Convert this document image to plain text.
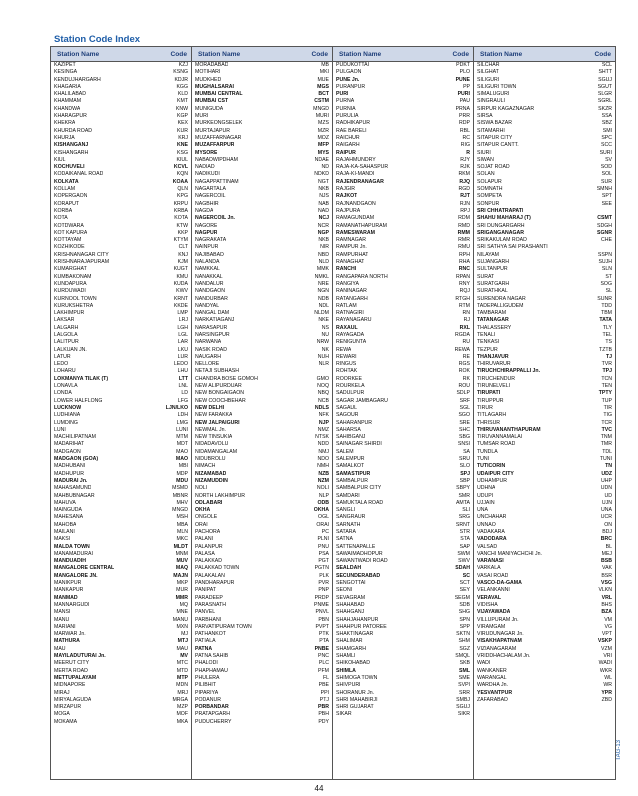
Station Code Index
Station Name	Code
KAZIPET	KZJ
KESINGA	KSNG
KENDUJHARGARH	KDJR
KHAGARIA	KGG
KHALILABAD	KLD
KHAMMAM	KMT
KHANDWA	KNW
KHARAGPUR	KGP
KHEKRA	KEX
KHURDA ROAD	KUR
KHURJA	KRJ
KISHANGANJ	KNE
KISHANGARH	KSG
KIUL	KIUL
KOCHUVELI	KCVL
KODAIKANAL ROAD	KQN
KOLKATA	KOAA
KOLLAM	QLN
KOPERGAON	KPG
KORAPUT	KRPU
KORBA	KRBA
KOTA	KOTA
KOTDWARA	KTW
KOT KAPURA	KKP
KOTTAYAM	KTYM
KOZHIKODE	CLT
KRISHNANAGAR CITY	KNJ
KRISHNARAJAPURAM	KJM
KUMARGHAT	KUGT
KUMBAKONAM	KMU
KUNDAPURA	KUDA
KURDUWADI	KWV
KURNOOL TOWN	KRNT
KURUKSHETRA	KKDE
LAKHIMPUR	LMP
LAKSAR	LRJ
LALGARH	LGH
LALGOLA	LGL
LALITPUR	LAR
LALKUAN JN.	LKU
LATUR	LUR
LEDO	LEDO
LOHARU	LHU
LOKMANYA TILAK (T)	LTT
LONAVLA	LNL
LONDA	LD
LOWER HALFLONG	LFG
LUCKNOW	LJN/LKO
LUDHIANA	LDH
LUMDING	LMG
LUNI	LUNI
MACHILIPATNAM	MTM
MADARIHAT	MDT
MADGAON	MAO
MADGAON (GOA)	MAO
MADHUBANI	MBI
MADHUPUR	MDP
MADURAI Jn.	MDU
MAHASAMUND	MSMD
MAHBUBNAGAR	MBNR
MAHUVA	MHV
MAINGUDA	MNGD
MAHESANA	MSH
MAHOBA	MBA
MAILANI	MLN
MAKSI	MKC
MALDA TOWN	MLDT
MANAMADURAI	MNM
MANDUADIH	MUV
MANGALORE CENTRAL	MAQ
MANGALORE JN.	MAJN
MANIKPUR	MKP
MANKAPUR	MUR
MANMAD	MMR
MANNARGUDI	MQ
MANSI	MNE
MANU	MANU
MARIANI	MXN
MARWAR Jn.	MJ
MATHURA	MTJ
MAU	MAU
MAYILADUTURAI Jn.	MV
MEERUT CITY	MTC
MERTA ROAD	MTD
METTUPALAYAM	MTP
MIDNAPORE	MDN
MIRAJ	MRJ
MIRYALAGUDA	MRGA
MIRZAPUR	MZP
MOGA	MOF
MOKAMA	MKA
Station Name	Code
MORADABAD	MB
MOTIHARI	MKI
MUDKHED	MUE
MUGHALSARAI	MGS
MUMBAI CENTRAL	BCT
MUMBAI CST	CSTM
MUNIGUDA	MNGD
MURI	MURI
MURKEONGSELEK	MZS
MURTAJAPUR	MZR
MUZAFFARNAGAR	MOZ
MUZAFFARPUR	MFP
MYSORE	MYS
NABADWIPDHAM	NDAE
NADIAD	ND
NADIKUDI	NDKD
NAGAPPATTINAM	NGT
NAGARTALA	NKB
NAGERCOIL	NJS
NAGBHIR	NAB
NAGDA	NAD
NAGERCOIL Jn.	NCJ
NAGORE	NCR
NAGPUR	NGP
NAGRAKATA	NKB
NAINPUR	NIR
NAJIBABAD	NBD
NALANDA	NLD
NAMKKAL	MMK
NANAKKAL	NMKL
NANDALUR	NRE
NANDGAON	NGN
NANDURBAR	NDB
NANDYAL	NDL
NANGAL DAM	NLDM
NARKATIAGANJ	NKE
NARASAPUR	NS
NARSINGPUR	NU
NARWANA	NRW
NASIK ROAD	NK
NAUGARH	NUH
NELLORE	NLR
NETAJI SUBHASH
CHANDRA BOSE GOMOH	GMO
NEW ALIPURDUAR	NOQ
NEW BONGAIGAON	NBQ
NEW COOCHBEHAR	NCB
NEW DELHI	NDLS
NEW FARAKKA	NFK
NEW JALPAIGURI	NJP
NEWMAL Jn.	NMZ
NEW TINSUKIA	NTSK
NIDADAVOLU	NDD
NIDAMANGALAM	NMJ
NIDUBROLU	NDO
NIMACH	NMH
NIZAMABAD	NZB
NIZAMUDDIN	NZM
NOLI	NOLI
NORTH LAKHIMPUR	NLP
ODLABARI	ODB
OKHA	OKHA
ONGOLE	OGL
ORAI	ORAI
PACHORA	PC
PALANI	PLNI
PALANPUR	PNU
PALASA	PSA
PALAKKAD	PGT
PALAKKAD TOWN	PGTN
PALAKALAN	PLK
PANDHARAPUR	PVR
PANIPAT	PNP
PARADEEP	PRDP
PARASNATH	PNME
PANVEL	PNVL
PARBHANI	PBN
PARVATIPURAM TOWN	PVPT
PATHANKOT	PTK
PATIALA	PTA
PATNA	PNBE
PATNA SAHIB	PNC
PHALODI	PLC
PHAPHAMAU	PFM
PHULERA	FL
PILIBHIT	PBE
PIPARIYA	PPI
PODANUR	PTJ
PORBANDAR	PBR
PRATAPGARH	PBH
PUDUCHERRY	PDY
Station Name	Code
PUDUKOTTAI	PDKT
PULGAON	PLO
PUNE Jn.	PUNE
PURANPUR	PP
PURI	PURI
PURNA	PAU
PURNIA	PRNA
PURULIA	PRR
RADHIKAPUR	RDP
RAE BARELI	RBL
RAICHUR	RC
RAIGARH	RIG
RAIPUR	R
RAJAHMUNDRY	RJY
RAJA-KA-SAHASPUR	RJK
RAJA-KI-MANDI	RKM
RAJENDRANAGAR	RJQ
RAJGIR	RGD
RAJKOT	RJT
RAJNANDGAON	RJN
RAJPURA	RPJ
RAMAGUNDAM	RDM
RAMANATHAPURAM	RMD
RAMESWARAM	RMM
RAMNAGAR	RMR
RAMPUR Jn.	RMU
RAMPURHAT	RPH
RANAGHAT	RHA
RANCHI	RNC
RANGAPARA NORTH	RPAN
RANGIYA	RNY
RANINAGAR	RQJ
RATANGARH	RTGH
RATLAM	RTM
RATNAGIRI	RN
RAYANAGARU	RJ
RAXAUL	RXL
RAYAGADA	RGDA
RENIGUNTA	RU
REWA	REWA
REWARI	RE
RINGUS	RGS
ROHTAK	ROK
ROORKEE	RK
ROURKELA	ROU
SADULPUR	SDLP
SAGAR JAMBAGARU	SRF
SAGAUL	SGL
SAGOUR	SGO
SAHARANPUR	SRE
SAHARSA	SHC
SAHIBGANJ	SBG
SAINAGAR SHIRDI	SNSI
SALEM	SA
SALEMPUR	SRU
SAMALKOT	SLO
SAMASTIPUR	SPJ
SAMBALPUR	SBP
SAMBALPUR CITY	SBPY
SAMDARI	SMR
SAMUKTALA ROAD	AMTA
SANGLI	SLI
SANGRAUR	SRG
SARNATH	SRNT
SATARA	STR
SATNA	STA
SATTENAPALLE	SAP
SAWAIMADHOPUR	SWM
SAWANTWADI ROAD	SWV
SEALDAH	SDAH
SECUNDERABAD	SC
SENGOTTAI	SCT
SEONI	SEY
SEVAGRAM	SEGM
SHAHABAD	SDB
SHAHGANJ	SHG
SHAHJAHANPUR	SPN
SHAHPUR PATOREE	SPP
SHAKTINAGAR	SKTN
SHALIMAR	SHM
SHAMGARH	SGZ
SHAMLI	SMQL
SHIKOHABAD	SKB
SHIMLA	SML
SHIMOGA TOWN	SME
SHIVPURI	SVPI
SHORANUR Jn.	SRR
SHRI MAHABIRJI	SMBJ
SHRI GUJARAT	SGUJ
SIKAR	SIKR
Station Name	Code
SILCHAR	SCL
SILGHAT	SHTT
SILIGURI	SGUJ
SILIGURI TOWN	SGUT
SIMALUGURI	SLGR
SINGRAULI	SGRL
SIRPUR KAGAZNAGAR	SKZR
SIRSA	SSA
SISWA BAZAR	SBZ
SITAMARHI	SMI
SITAPUR CITY	SPC
SITAPUR CANTT.	SCC
SIURI	SURI
SIWAN	SV
SOJAT ROAD	SOD
SOLAN	SOL
SOLAPUR	SUR
SOMNATH	SMNH
SOMPETA	SPT
SONPUR	SEE
SRI CHHATRAPATI
SHAHU MAHARAJ (T)	CSMT
SRI DUNGARGARH	SDGH
SRIGANGANAGAR	SGNR
SRIKAKULAM ROAD	CHE
SRI SATHYA SAI PRASHANTI
NILAYAM	SSPN
SUJANGARH	SUJH
SULTANPUR	SLN
SURAT	ST
SURATGARH	SOG
SURATHKAL	SL
SURENDRA NAGAR	SUNR
TADEPALLIGUDEM	TDD
TAMBARAM	TBM
TATANAGAR	TATA
THALASSERY	TLY
TENALI	TEL
TENKASI	TS
TEZPUR	TZTB
THANJAVUR	TJ
THIRUVARUR	TVR
TIRUCHCHIRAPPALLI Jn.	TPJ
TIRUCHENDUR	TCN
TIRUNELVELI	TEN
TIRUPATI	TPTY
TIRUPPUR	TUP
TIRUR	TIR
TITLAGARH	TIG
THRISUR	TCR
THIRUVANANTHAPURAM	TVC
TIRUVANNAMALAI	TNM
TUMSAR ROAD	TMR
TUNDLA	TDL
TUNI	TUNI
TUTICORIN	TN
UDAIPUR CITY	UDZ
UDHAMPUR	UHP
UDHNA	UDN
UDUPI	UD
UJJAIN	UJN
UNA	UNA
UNCHAHAR	UCR
UNNAO	ON
VADAKARA	BDJ
VADODARA	BRC
VALSAD	BL
VANCHI MANIYACHCHI Jn.	MEJ
VARANASI	BSB
VARKALA	VAK
VASAI ROAD	BSR
VASCO-DA-GAMA	VSG
VELANKANNI	VLKN
VERAVAL	VRL
VIDISHA	BHS
VIJAYAWADA	BZA
VILLUPURAM Jn.	VM
VIRAMGAM	VG
VIRUDUNAGAR Jn.	VPT
VISAKHAPATNAM	VSKP
VIZIANAGARAM	VZM
VRIDDHACHALAM Jn.	VRI
WADI	WADI
WANKANER	WKR
WARANGAL	WL
WARDHA Jn.	WR
YESVANTPUR	YPR
ZAFARABAD	ZBD
44
TAG-13
